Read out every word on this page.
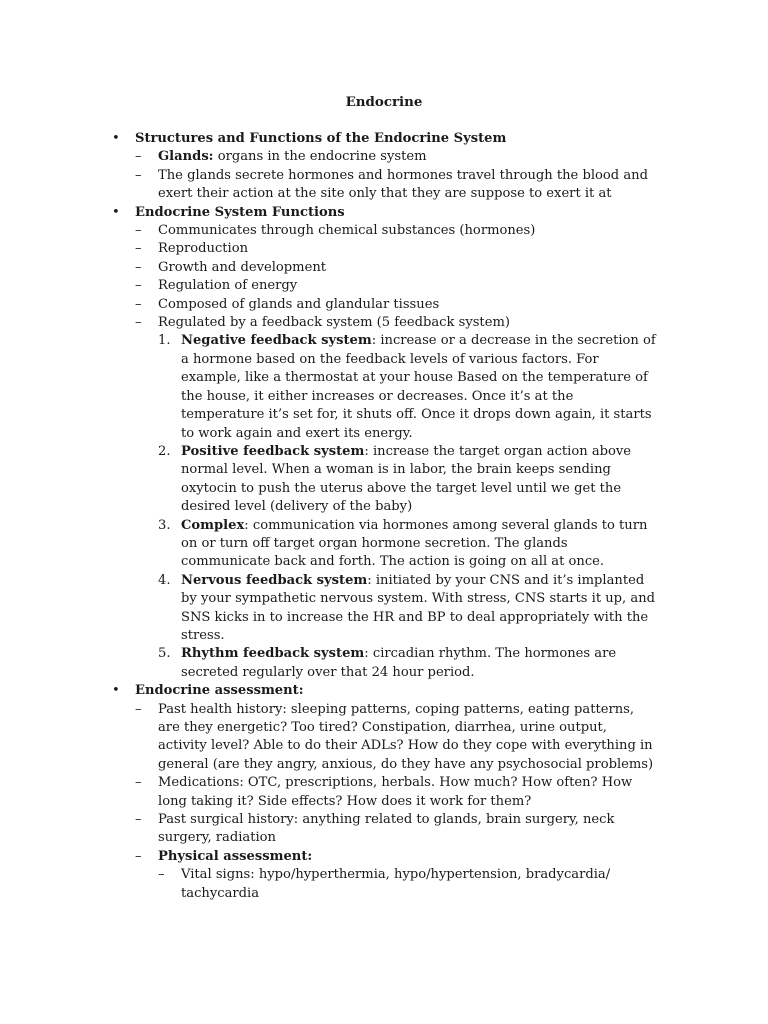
Endocrine
• Structures and Functions of the Endocrine System
– Glands: organs in the endocrine system
– The glands secrete hormones and hormones travel through the blood and exert their action at the site only that they are suppose to exert it at
• Endocrine System Functions
– Communicates through chemical substances (hormones)
– Reproduction
– Growth and development
– Regulation of energy
– Composed of glands and glandular tissues
– Regulated by a feedback system (5 feedback system)
1. Negative feedback system: increase or a decrease in the secretion of a hormone based on the feedback levels of various factors. For example, like a thermostat at your house Based on the temperature of the house, it either increases or decreases. Once it’s at the temperature it’s set for, it shuts off. Once it drops down again, it starts to work again and exert its energy.
2. Positive feedback system: increase the target organ action above normal level. When a woman is in labor, the brain keeps sending oxytocin to push the uterus above the target level until we get the desired level (delivery of the baby)
3. Complex: communication via hormones among several glands to turn on or turn off target organ hormone secretion. The glands communicate back and forth. The action is going on all at once.
4. Nervous feedback system: initiated by your CNS and it’s implanted by your sympathetic nervous system. With stress, CNS starts it up, and SNS kicks in to increase the HR and BP to deal appropriately with the stress.
5. Rhythm feedback system: circadian rhythm. The hormones are secreted regularly over that 24 hour period.
• Endocrine assessment:
– Past health history: sleeping patterns, coping patterns, eating patterns, are they energetic? Too tired? Constipation, diarrhea, urine output, activity level? Able to do their ADLs? How do they cope with everything in general (are they angry, anxious, do they have any psychosocial problems)
– Medications: OTC, prescriptions, herbals. How much? How often? How long taking it? Side effects? How does it work for them?
– Past surgical history: anything related to glands, brain surgery, neck surgery, radiation
– Physical assessment:
– Vital signs: hypo/hyperthermia, hypo/hypertension, bradycardia/ tachycardia
